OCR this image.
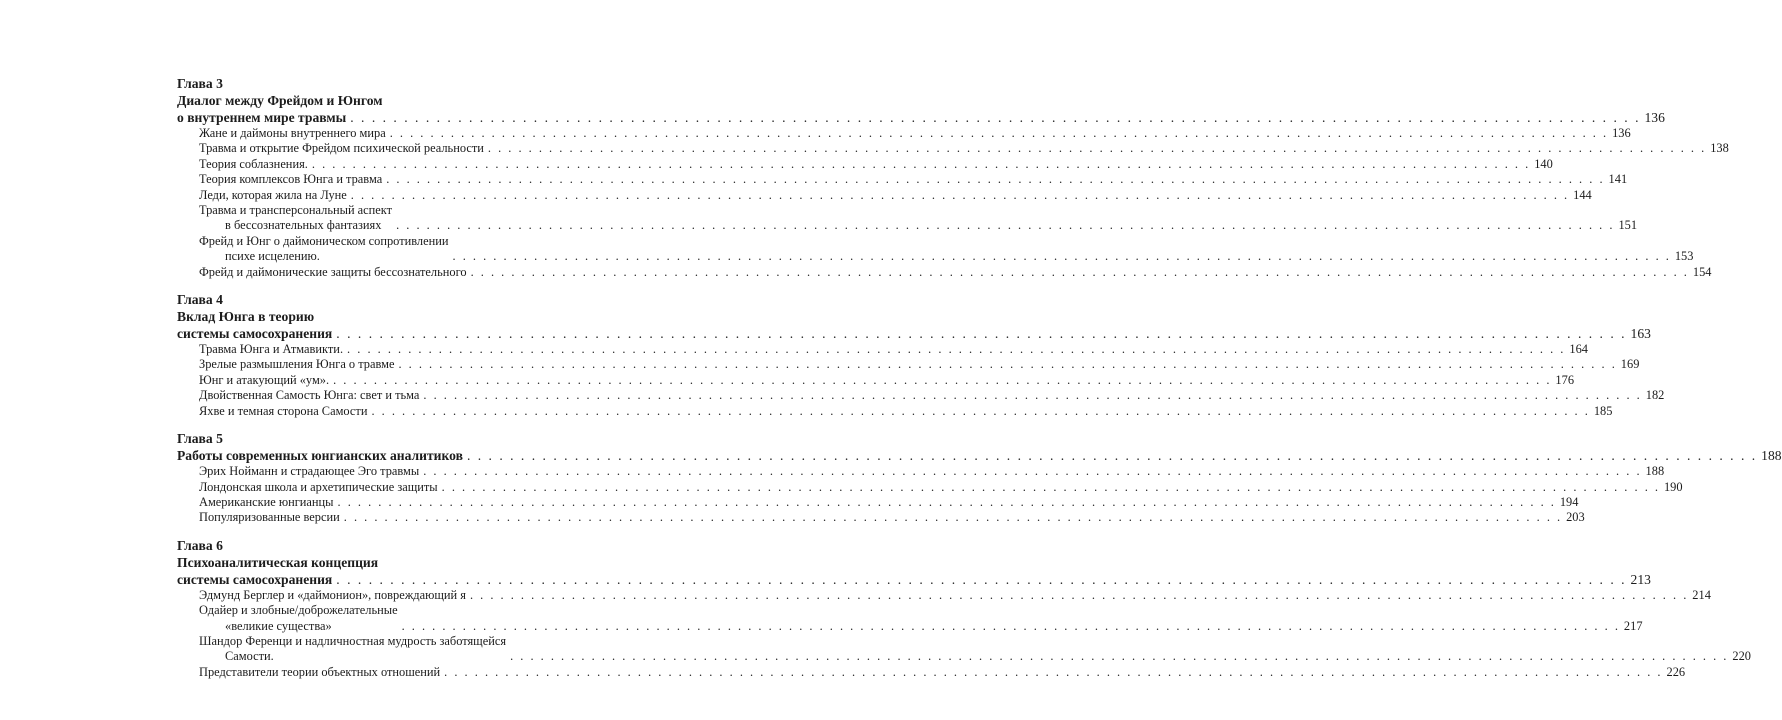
Глава 3
Диалог между Фрейдом и Юнгом
о внутреннем мире травмы . . . . . . . . . . . . . . . . . . . . . . . . . . . . . . . . . . . . . . . . . . . . . . . . . . . . . . . . . . . . . . . . . . . . . . . . . . . . . . . . . . . . . . . . . . . . . . . . . . . . . . . . . . . . . . . . . . . . . . . . 136
Жане и даймоны внутреннего мира . . . . . . . . . . . . . . . . . . . . . . . . . . . . . . . . . . . . . . . . . . . . . . . . . . . . . . . . . . . . . . . . . . . . . . . . . . . . . . . . . . . . . . . . . . . . . . . . . . . . . . . . . . . . . . . . . . . . . . . . 136
Травма и открытие Фрейдом психической реальности . . . . . . . . . . . . . . . . . . . . . . . . . . . . . . . . . . . . . . . . . . . . . . . . . . . . . . . . . . . . . . . . . . . . . . . . . . . . . . . . . . . . . . . . . . . . . . . . . . . . . . . . . . . . . . . . . . . . . . . . 138
Теория соблазнения. . . . . . . . . . . . . . . . . . . . . . . . . . . . . . . . . . . . . . . . . . . . . . . . . . . . . . . . . . . . . . . . . . . . . . . . . . . . . . . . . . . . . . . . . . . . . . . . . . . . . . . . . . . . . . . . . . . . . . . . . 140
Теория комплексов Юнга и травма . . . . . . . . . . . . . . . . . . . . . . . . . . . . . . . . . . . . . . . . . . . . . . . . . . . . . . . . . . . . . . . . . . . . . . . . . . . . . . . . . . . . . . . . . . . . . . . . . . . . . . . . . . . . . . . . . . . . . . . . 141
Леди, которая жила на Луне . . . . . . . . . . . . . . . . . . . . . . . . . . . . . . . . . . . . . . . . . . . . . . . . . . . . . . . . . . . . . . . . . . . . . . . . . . . . . . . . . . . . . . . . . . . . . . . . . . . . . . . . . . . . . . . . . . . . . . . . 144
Травма и трансперсональный аспект
в бессознательных фантазиях	. . . . . . . . . . . . . . . . . . . . . . . . . . . . . . . . . . . . . . . . . . . . . . . . . . . . . . . . . . . . . . . . . . . . . . . . . . . . . . . . . . . . . . . . . . . . . . . . . . . . . . . . . . . . . . . . . . . . . . . . 151
Фрейд и Юнг о даймоническом сопротивлении
психе исцелению.	. . . . . . . . . . . . . . . . . . . . . . . . . . . . . . . . . . . . . . . . . . . . . . . . . . . . . . . . . . . . . . . . . . . . . . . . . . . . . . . . . . . . . . . . . . . . . . . . . . . . . . . . . . . . . . . . . . . . . . . . 153
Фрейд и даймонические защиты бессознательного . . . . . . . . . . . . . . . . . . . . . . . . . . . . . . . . . . . . . . . . . . . . . . . . . . . . . . . . . . . . . . . . . . . . . . . . . . . . . . . . . . . . . . . . . . . . . . . . . . . . . . . . . . . . . . . . . . . . . . . . 154
Глава 4
Вклад Юнга в теорию
системы самосохранения . . . . . . . . . . . . . . . . . . . . . . . . . . . . . . . . . . . . . . . . . . . . . . . . . . . . . . . . . . . . . . . . . . . . . . . . . . . . . . . . . . . . . . . . . . . . . . . . . . . . . . . . . . . . . . . . . . . . . . . . 163
Травма Юнга и Атмавикти. . . . . . . . . . . . . . . . . . . . . . . . . . . . . . . . . . . . . . . . . . . . . . . . . . . . . . . . . . . . . . . . . . . . . . . . . . . . . . . . . . . . . . . . . . . . . . . . . . . . . . . . . . . . . . . . . . . . . . . . . 164
Зрелые размышления Юнга о травме . . . . . . . . . . . . . . . . . . . . . . . . . . . . . . . . . . . . . . . . . . . . . . . . . . . . . . . . . . . . . . . . . . . . . . . . . . . . . . . . . . . . . . . . . . . . . . . . . . . . . . . . . . . . . . . . . . . . . . . . 169
Юнг и атакующий «ум». . . . . . . . . . . . . . . . . . . . . . . . . . . . . . . . . . . . . . . . . . . . . . . . . . . . . . . . . . . . . . . . . . . . . . . . . . . . . . . . . . . . . . . . . . . . . . . . . . . . . . . . . . . . . . . . . . . . . . . . . 176
Двойственная Самость Юнга: свет и тьма . . . . . . . . . . . . . . . . . . . . . . . . . . . . . . . . . . . . . . . . . . . . . . . . . . . . . . . . . . . . . . . . . . . . . . . . . . . . . . . . . . . . . . . . . . . . . . . . . . . . . . . . . . . . . . . . . . . . . . . . 182
Яхве и темная сторона Самости . . . . . . . . . . . . . . . . . . . . . . . . . . . . . . . . . . . . . . . . . . . . . . . . . . . . . . . . . . . . . . . . . . . . . . . . . . . . . . . . . . . . . . . . . . . . . . . . . . . . . . . . . . . . . . . . . . . . . . . . 185
Глава 5
Работы современных юнгианских аналитиков . . . . . . . . . . . . . . . . . . . . . . . . . . . . . . . . . . . . . . . . . . . . . . . . . . . . . . . . . . . . . . . . . . . . . . . . . . . . . . . . . . . . . . . . . . . . . . . . . . . . . . . . . . . . . . . . . . . . . . . . 188
Эрих Нойманн и страдающее Эго травмы . . . . . . . . . . . . . . . . . . . . . . . . . . . . . . . . . . . . . . . . . . . . . . . . . . . . . . . . . . . . . . . . . . . . . . . . . . . . . . . . . . . . . . . . . . . . . . . . . . . . . . . . . . . . . . . . . . . . . . . . 188
Лондонская школа и архетипические защиты . . . . . . . . . . . . . . . . . . . . . . . . . . . . . . . . . . . . . . . . . . . . . . . . . . . . . . . . . . . . . . . . . . . . . . . . . . . . . . . . . . . . . . . . . . . . . . . . . . . . . . . . . . . . . . . . . . . . . . . . 190
Американские юнгианцы . . . . . . . . . . . . . . . . . . . . . . . . . . . . . . . . . . . . . . . . . . . . . . . . . . . . . . . . . . . . . . . . . . . . . . . . . . . . . . . . . . . . . . . . . . . . . . . . . . . . . . . . . . . . . . . . . . . . . . . . 194
Популяризованные версии . . . . . . . . . . . . . . . . . . . . . . . . . . . . . . . . . . . . . . . . . . . . . . . . . . . . . . . . . . . . . . . . . . . . . . . . . . . . . . . . . . . . . . . . . . . . . . . . . . . . . . . . . . . . . . . . . . . . . . . . 203
Глава 6
Психоаналитическая концепция
системы самосохранения . . . . . . . . . . . . . . . . . . . . . . . . . . . . . . . . . . . . . . . . . . . . . . . . . . . . . . . . . . . . . . . . . . . . . . . . . . . . . . . . . . . . . . . . . . . . . . . . . . . . . . . . . . . . . . . . . . . . . . . . 213
Эдмунд Берглер и «даймонион», повреждающий я . . . . . . . . . . . . . . . . . . . . . . . . . . . . . . . . . . . . . . . . . . . . . . . . . . . . . . . . . . . . . . . . . . . . . . . . . . . . . . . . . . . . . . . . . . . . . . . . . . . . . . . . . . . . . . . . . . . . . . . . 214
Одайер и злобные/доброжелательные
«великие существа»	. . . . . . . . . . . . . . . . . . . . . . . . . . . . . . . . . . . . . . . . . . . . . . . . . . . . . . . . . . . . . . . . . . . . . . . . . . . . . . . . . . . . . . . . . . . . . . . . . . . . . . . . . . . . . . . . . . . . . . . . 217
Шандор Ференци и надличностная мудрость заботящейся
Самости.	. . . . . . . . . . . . . . . . . . . . . . . . . . . . . . . . . . . . . . . . . . . . . . . . . . . . . . . . . . . . . . . . . . . . . . . . . . . . . . . . . . . . . . . . . . . . . . . . . . . . . . . . . . . . . . . . . . . . . . . . 220
Представители теории объектных отношений . . . . . . . . . . . . . . . . . . . . . . . . . . . . . . . . . . . . . . . . . . . . . . . . . . . . . . . . . . . . . . . . . . . . . . . . . . . . . . . . . . . . . . . . . . . . . . . . . . . . . . . . . . . . . . . . . . . . . . . . 226
